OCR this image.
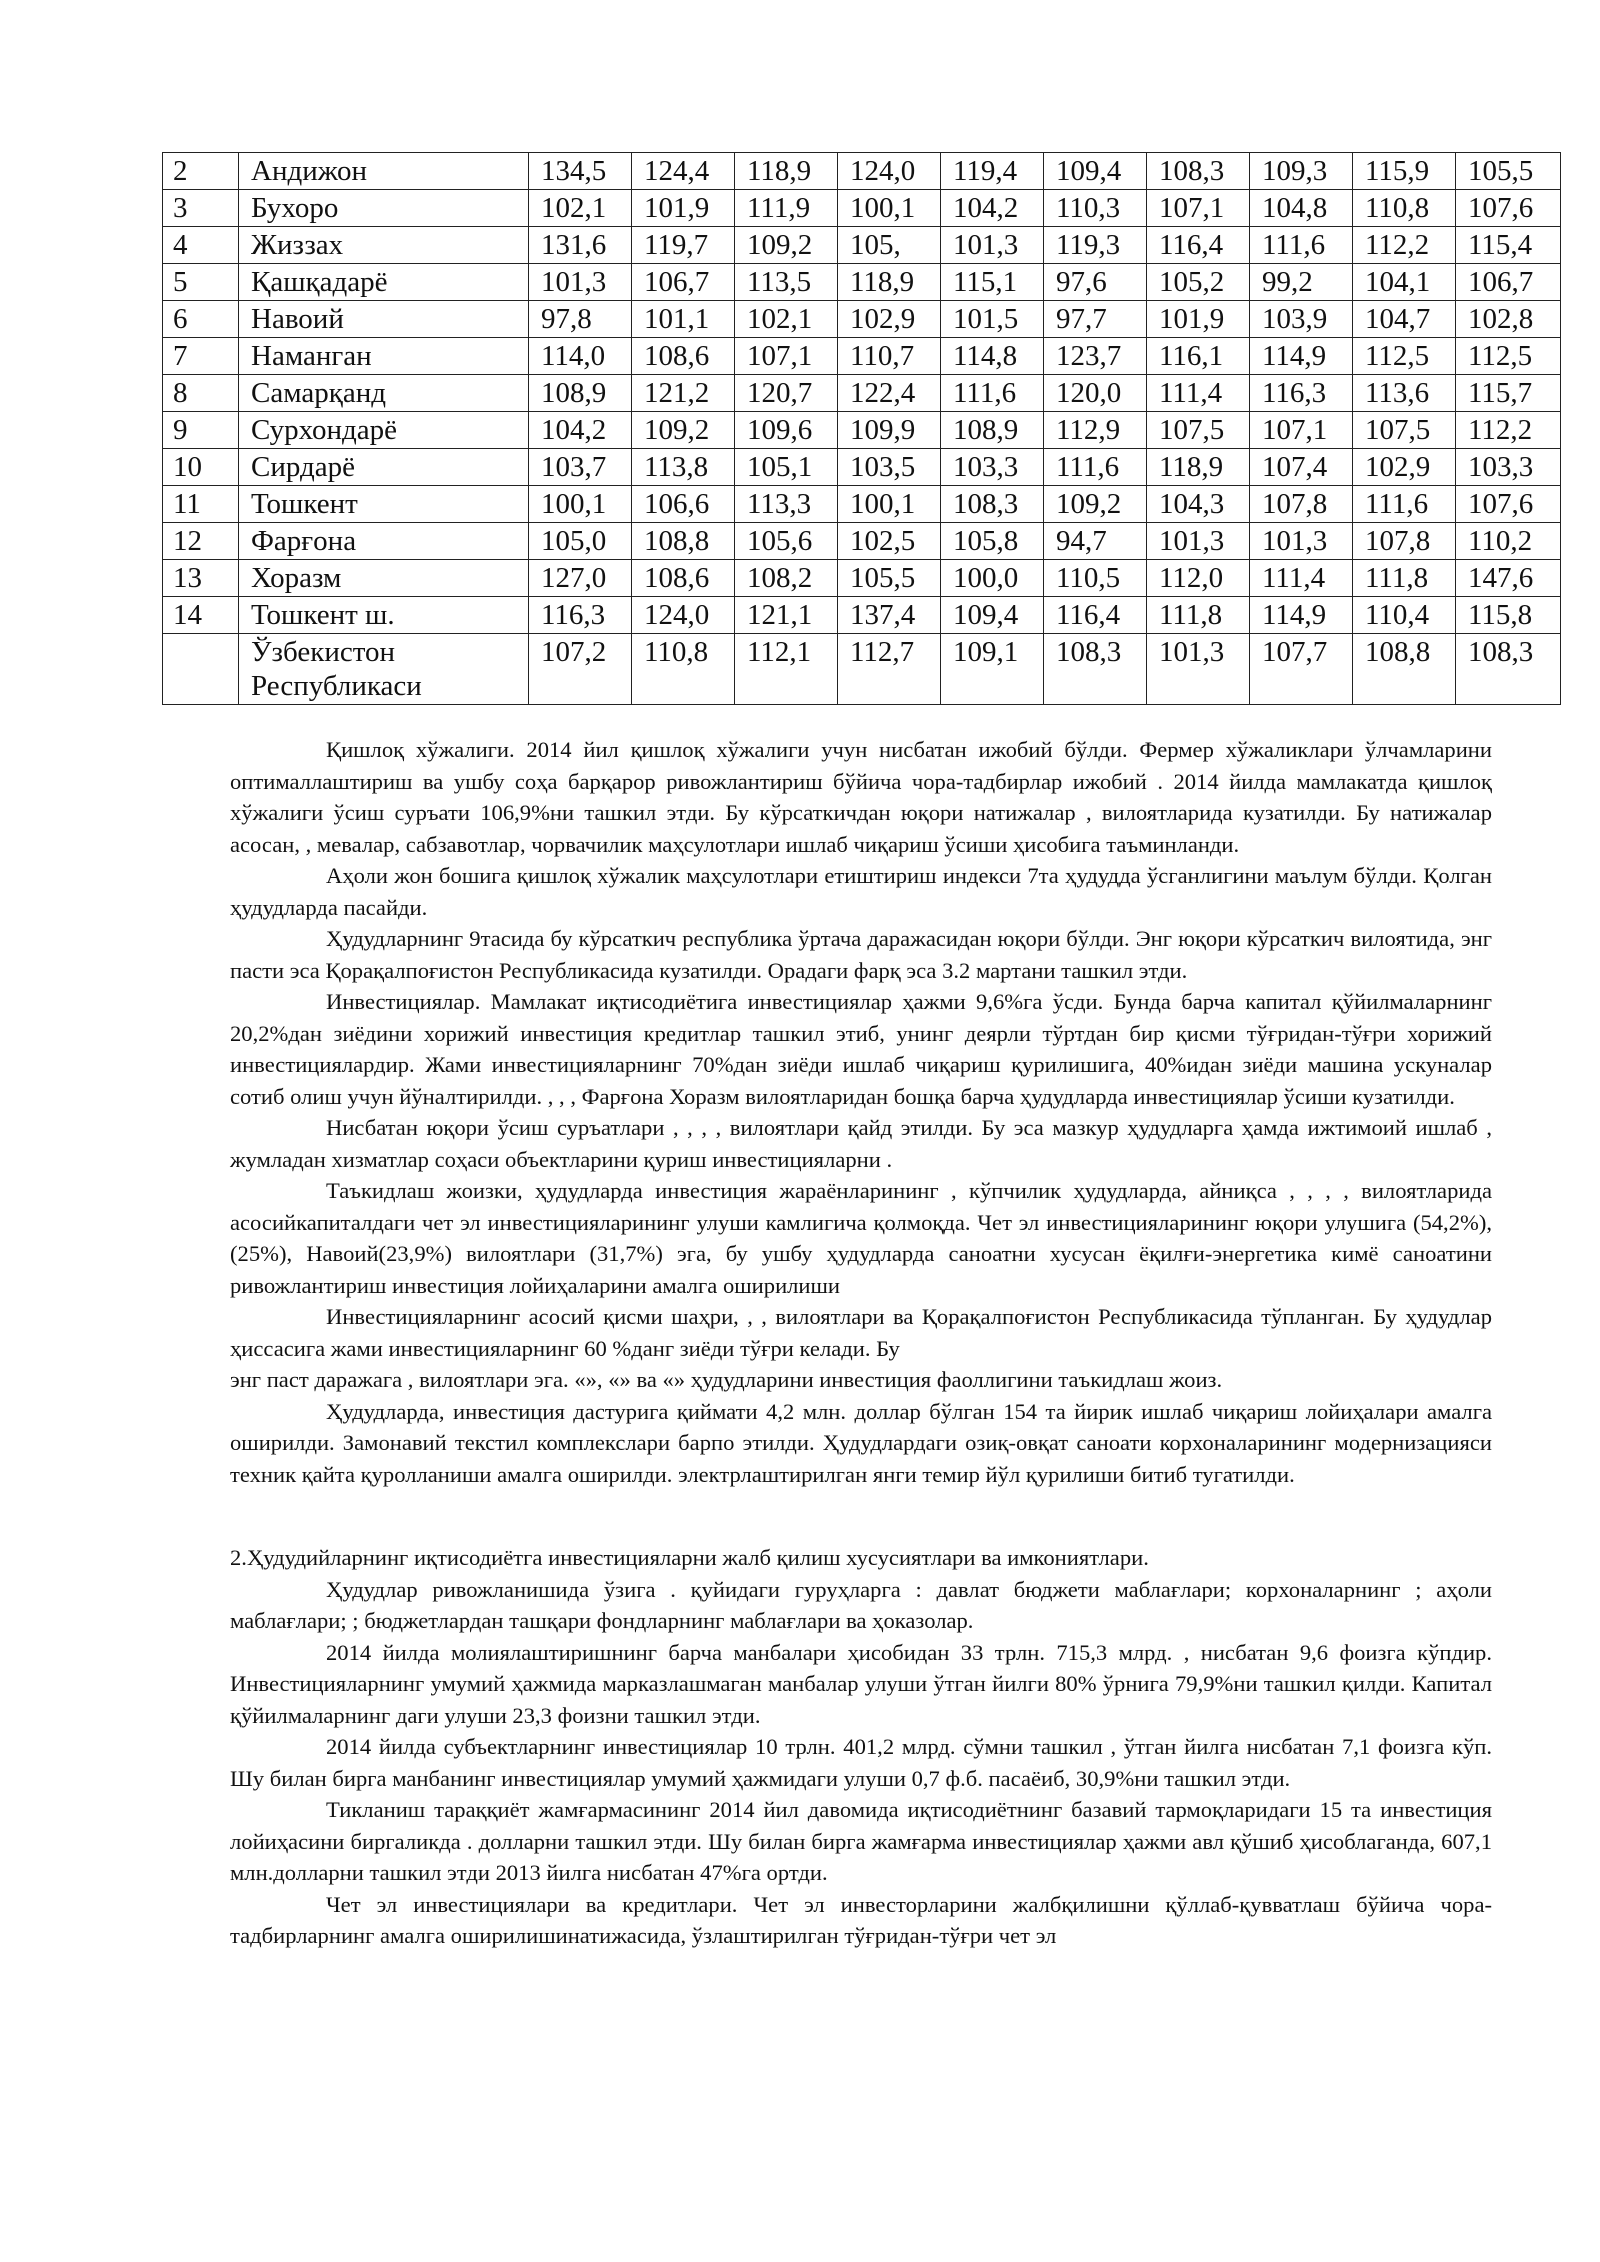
2	Андижон	134,5	124,4	118,9	124,0	119,4	109,4	108,3	109,3	115,9	105,5
3	Бухоро	102,1	101,9	111,9	100,1	104,2	110,3	107,1	104,8	110,8	107,6
4	Жиззах	131,6	119,7	109,2	105,	101,3	119,3	116,4	111,6	112,2	115,4
5	Қашқадарё	101,3	106,7	113,5	118,9	115,1	97,6	105,2	99,2	104,1	106,7
6	Навоий	97,8	101,1	102,1	102,9	101,5	97,7	101,9	103,9	104,7	102,8
7	Наманган	114,0	108,6	107,1	110,7	114,8	123,7	116,1	114,9	112,5	112,5
8	Самарқанд	108,9	121,2	120,7	122,4	111,6	120,0	111,4	116,3	113,6	115,7
9	Сурхондарё	104,2	109,2	109,6	109,9	108,9	112,9	107,5	107,1	107,5	112,2
10	Сирдарё	103,7	113,8	105,1	103,5	103,3	111,6	118,9	107,4	102,9	103,3
11	Тошкент	100,1	106,6	113,3	100,1	108,3	109,2	104,3	107,8	111,6	107,6
12	Фарғона	105,0	108,8	105,6	102,5	105,8	94,7	101,3	101,3	107,8	110,2
13	Хоразм	127,0	108,6	108,2	105,5	100,0	110,5	112,0	111,4	111,8	147,6
14	Тошкент ш.	116,3	124,0	121,1	137,4	109,4	116,4	111,8	114,9	110,4	115,8
	Ўзбекистон Республикаси	107,2	110,8	112,1	112,7	109,1	108,3	101,3	107,7	108,8	108,3

Қишлоқ хўжалиги. 2014 йил қишлоқ хўжалиги учун нисбатан ижобий бўлди. Фермер хўжаликлари ўлчамларини оптималлаштириш ва ушбу соҳа барқарор ривожлантириш бўйича чора-тадбирлар ижобий . 2014 йилда мамлакатда қишлоқ хўжалиги ўсиш суръати 106,9%ни ташкил этди. Бу кўрсаткичдан юқори натижалар , вилоятларида кузатилди. Бу натижалар асосан, , мевалар, сабзавотлар, чорвачилик маҳсулотлари ишлаб чиқариш ўсиши ҳисобига таъминланди.

Аҳоли жон бошига қишлоқ хўжалик маҳсулотлари етиштириш индекси 7та ҳудудда ўсганлигини маълум бўлди. Қолган ҳудудларда пасайди.

Ҳудудларнинг 9тасида бу кўрсаткич республика ўртача даражасидан юқори бўлди. Энг юқори кўрсаткич вилоятида, энг пасти эса Қорақалпоғистон Республикасида кузатилди. Орадаги фарқ эса 3.2 мартани ташкил этди.

Инвестициялар. Мамлакат иқтисодиётига инвестициялар ҳажми 9,6%га ўсди. Бунда барча капитал қўйилмаларнинг 20,2%дан зиёдини хорижий инвестиция кредитлар ташкил этиб, унинг деярли тўртдан бир қисми тўғридан-тўғри хорижий инвестициялардир. Жами инвестицияларнинг 70%дан зиёди ишлаб чиқариш қурилишига, 40%идан зиёди машина ускуналар сотиб олиш учун йўналтирилди. , , , Фарғона Хоразм вилоятларидан бошқа барча ҳудудларда инвестициялар ўсиши кузатилди.

Нисбатан юқори ўсиш суръатлари , , , , вилоятлари қайд этилди. Бу эса мазкур ҳудудларга ҳамда ижтимоий ишлаб , жумладан хизматлар соҳаси объектларини қуриш инвестицияларни .

Таъкидлаш жоизки, ҳудудларда инвестиция жараёнларининг , кўпчилик ҳудудларда, айниқса , , , , вилоятларида асосийкапиталдаги чет эл инвестицияларининг улуши камлигича қолмоқда. Чет эл инвестицияларининг юқори улушига (54,2%), (25%), Навоий(23,9%) вилоятлари (31,7%) эга, бу ушбу ҳудудларда саноатни хусусан ёқилғи-энергетика кимё саноатини ривожлантириш инвестиция лойиҳаларини амалга оширилиши

Инвестицияларнинг асосий қисми шаҳри, , , вилоятлари ва Қорақалпоғистон Республикасида тўпланган. Бу ҳудудлар ҳиссасига жами инвестицияларнинг 60 %данг зиёди тўғри келади. Бу

энг паст даражага , вилоятлари эга. «», «» ва «» ҳудудларини инвестиция фаоллигини таъкидлаш жоиз.

Ҳудудларда, инвестиция дастурига қиймати 4,2 млн. доллар бўлган 154 та йирик ишлаб чиқариш лойиҳалари амалга оширилди. Замонавий текстил комплекслари барпо этилди. Ҳудудлардаги озиқ-овқат саноати корхоналарининг модернизацияси техник қайта қуролланиши амалга оширилди. электрлаштирилган янги темир йўл қурилиши битиб тугатилди.

2.Ҳудудийларнинг иқтисодиётга инвестицияларни жалб қилиш хусусиятлари ва имкониятлари.

Ҳудудлар ривожланишида ўзига . қуйидаги гуруҳларга : давлат бюджети маблағлари; корхоналарнинг ; аҳоли маблағлари; ; бюджетлардан ташқари фондларнинг маблағлари ва ҳоказолар.

2014 йилда молиялаштиришнинг барча манбалари ҳисобидан 33 трлн. 715,3 млрд. , нисбатан 9,6 фоизга кўпдир. Инвестицияларнинг умумий ҳажмида марказлашмаган манбалар улуши ўтган йилги 80% ўрнига 79,9%ни ташкил қилди. Капитал қўйилмаларнинг даги улуши 23,3 фоизни ташкил этди.

2014 йилда субъектларнинг инвестициялар 10 трлн. 401,2 млрд. сўмни ташкил , ўтган йилга нисбатан 7,1 фоизга кўп. Шу билан бирга манбанинг инвестициялар умумий ҳажмидаги улуши 0,7 ф.б. пасаёиб, 30,9%ни ташкил этди.

Тикланиш тараққиёт жамғармасининг 2014 йил давомида иқтисодиётнинг базавий тармоқларидаги 15 та инвестиция лойиҳасини биргаликда . долларни ташкил этди. Шу билан бирга жамғарма инвестициялар ҳажми авл қўшиб ҳисоблаганда, 607,1 млн.долларни ташкил этди 2013 йилга нисбатан 47%га ортди.

Чет эл инвестициялари ва кредитлари. Чет эл инвесторларини жалбқилишни қўллаб-қувватлаш бўйича чора-тадбирларнинг амалга оширилишинатижасида, ўзлаштирилган тўғридан-тўғри чет эл
